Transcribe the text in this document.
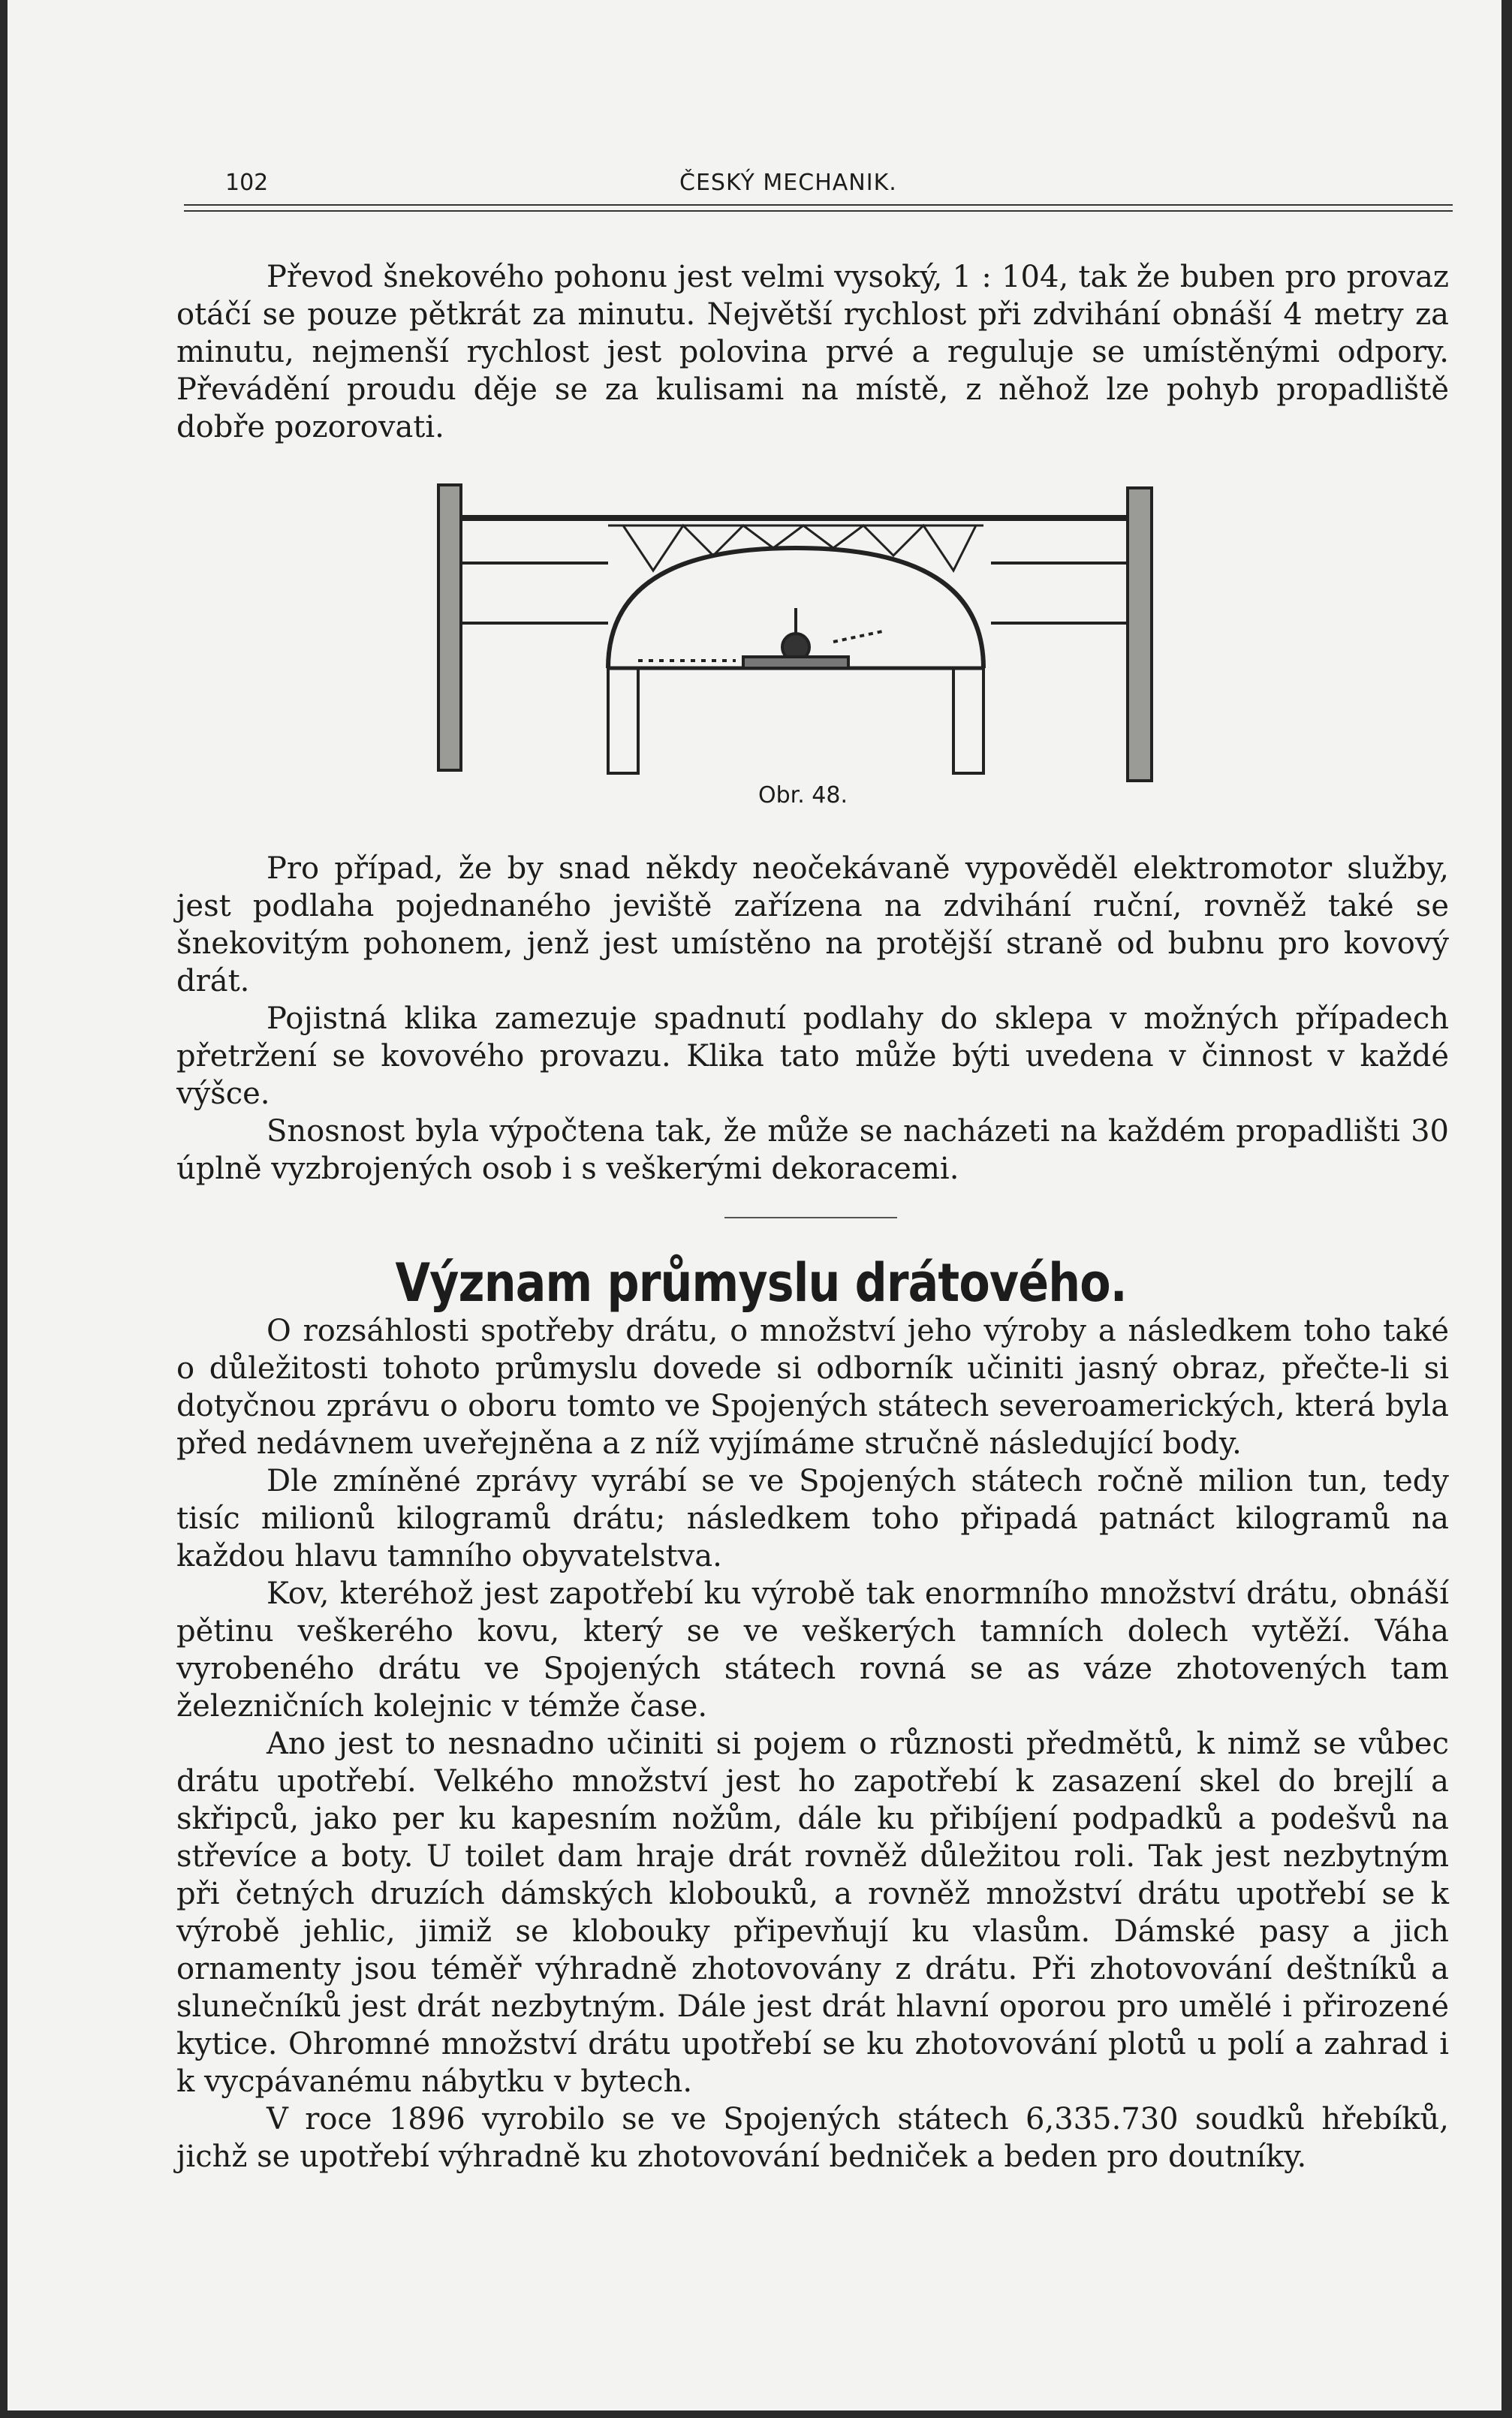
102	ČESKÝ MECHANIK.

Převod šnekového pohonu jest velmi vysoký, 1 : 104, tak že buben pro provaz otáčí se pouze pětkrát za minutu. Největší rychlost při zdvihání obnáší 4 metry za minutu, nejmenší rychlost jest polovina prvé a reguluje se umístěnými odpory. Převádění proudu děje se za kulisami na místě, z něhož lze pohyb propadliště dobře pozorovati.

Obr. 48.

Pro případ, že by snad někdy neočekávaně vypověděl elektromotor služby, jest podlaha pojednaného jeviště zařízena na zdvihání ruční, rovněž také se šnekovitým pohonem, jenž jest umístěno na protější straně od bubnu pro kovový drát.

Pojistná klika zamezuje spadnutí podlahy do sklepa v možných případech přetržení se kovového provazu. Klika tato může býti uvedena v činnost v každé výšce.

Snosnost byla výpočtena tak, že může se nacházeti na každém propadlišti 30 úplně vyzbrojených osob i s veškerými dekoracemi.

Význam průmyslu drátového.

O rozsáhlosti spotřeby drátu, o množství jeho výroby a následkem toho také o důležitosti tohoto průmyslu dovede si odborník učiniti jasný obraz, přečte-li si dotyčnou zprávu o oboru tomto ve Spojených státech severoamerických, která byla před nedávnem uveřejněna a z níž vyjímáme stručně následující body.

Dle zmíněné zprávy vyrábí se ve Spojených státech ročně milion tun, tedy tisíc milionů kilogramů drátu; následkem toho připadá patnáct kilogramů na každou hlavu tamního obyvatelstva.

Kov, kteréhož jest zapotřebí ku výrobě tak enormního množství drátu, obnáší pětinu veškerého kovu, který se ve veškerých tamních dolech vytěží. Váha vyrobeného drátu ve Spojených státech rovná se as váze zhotovených tam železničních kolejnic v témže čase.

Ano jest to nesnadno učiniti si pojem o různosti předmětů, k nimž se vůbec drátu upotřebí. Velkého množství jest ho zapotřebí k zasazení skel do brejlí a skřipců, jako per ku kapesním nožům, dále ku přibíjení podpadků a podešvů na střevíce a boty. U toilet dam hraje drát rovněž důležitou roli. Tak jest nezbytným při četných druzích dámských klobouků, a rovněž množství drátu upotřebí se k výrobě jehlic, jimiž se klobouky připevňují ku vlasům. Dámské pasy a jich ornamenty jsou téměř výhradně zhotovovány z drátu. Při zhotovování deštníků a slunečníků jest drát nezbytným. Dále jest drát hlavní oporou pro umělé i přirozené kytice. Ohromné množství drátu upotřebí se ku zhotovování plotů u polí a zahrad i k vycpávanému nábytku v bytech.

V roce 1896 vyrobilo se ve Spojených státech 6,335.730 soudků hřebíků, jichž se upotřebí výhradně ku zhotovování bedniček a beden pro doutníky.
